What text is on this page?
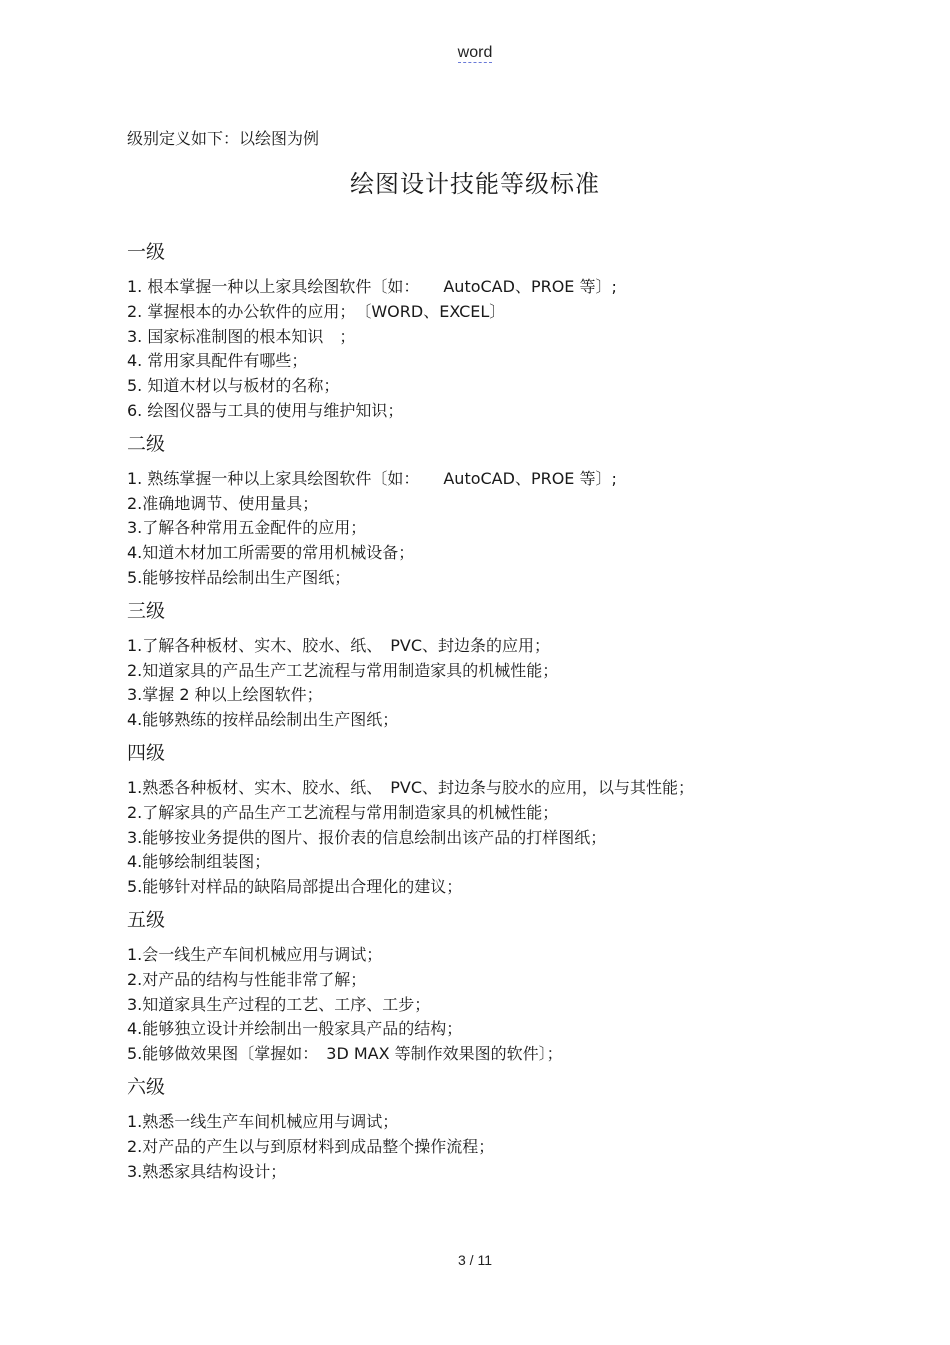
word
级别定义如下：以绘图为例
绘图设计技能等级标准
一级
1. 根本掌握一种以上家具绘图软件〔如：　　AutoCAD、PROE 等〕;
2. 掌握根本的办公软件的应用；　〔WORD、EXCEL〕
3. 国家标准制图的根本知识　；
4. 常用家具配件有哪些；
5. 知道木材以与板材的名称；
6. 绘图仪器与工具的使用与维护知识；
二级
1. 熟练掌握一种以上家具绘图软件〔如：　　AutoCAD、PROE 等〕;
2.准确地调节、使用量具；
3.了解各种常用五金配件的应用；
4.知道木材加工所需要的常用机械设备；
5.能够按样品绘制出生产图纸；
三级
1.了解各种板材、实木、胶水、纸、　PVC、封边条的应用；
2.知道家具的产品生产工艺流程与常用制造家具的机械性能；
3.掌握 2 种以上绘图软件；
4.能够熟练的按样品绘制出生产图纸；
四级
1.熟悉各种板材、实木、胶水、纸、　PVC、封边条与胶水的应用，以与其性能；
2.了解家具的产品生产工艺流程与常用制造家具的机械性能；
3.能够按业务提供的图片、报价表的信息绘制出该产品的打样图纸；
4.能够绘制组装图；
5.能够针对样品的缺陷局部提出合理化的建议；
五级
1.会一线生产车间机械应用与调试；
2.对产品的结构与性能非常了解；
3.知道家具生产过程的工艺、工序、工步；
4.能够独立设计并绘制出一般家具产品的结构；
5.能够做效果图〔掌握如：　3D MAX 等制作效果图的软件〕；
六级
1.熟悉一线生产车间机械应用与调试；
2.对产品的产生以与到原材料到成品整个操作流程；
3.熟悉家具结构设计；
3 / 11
